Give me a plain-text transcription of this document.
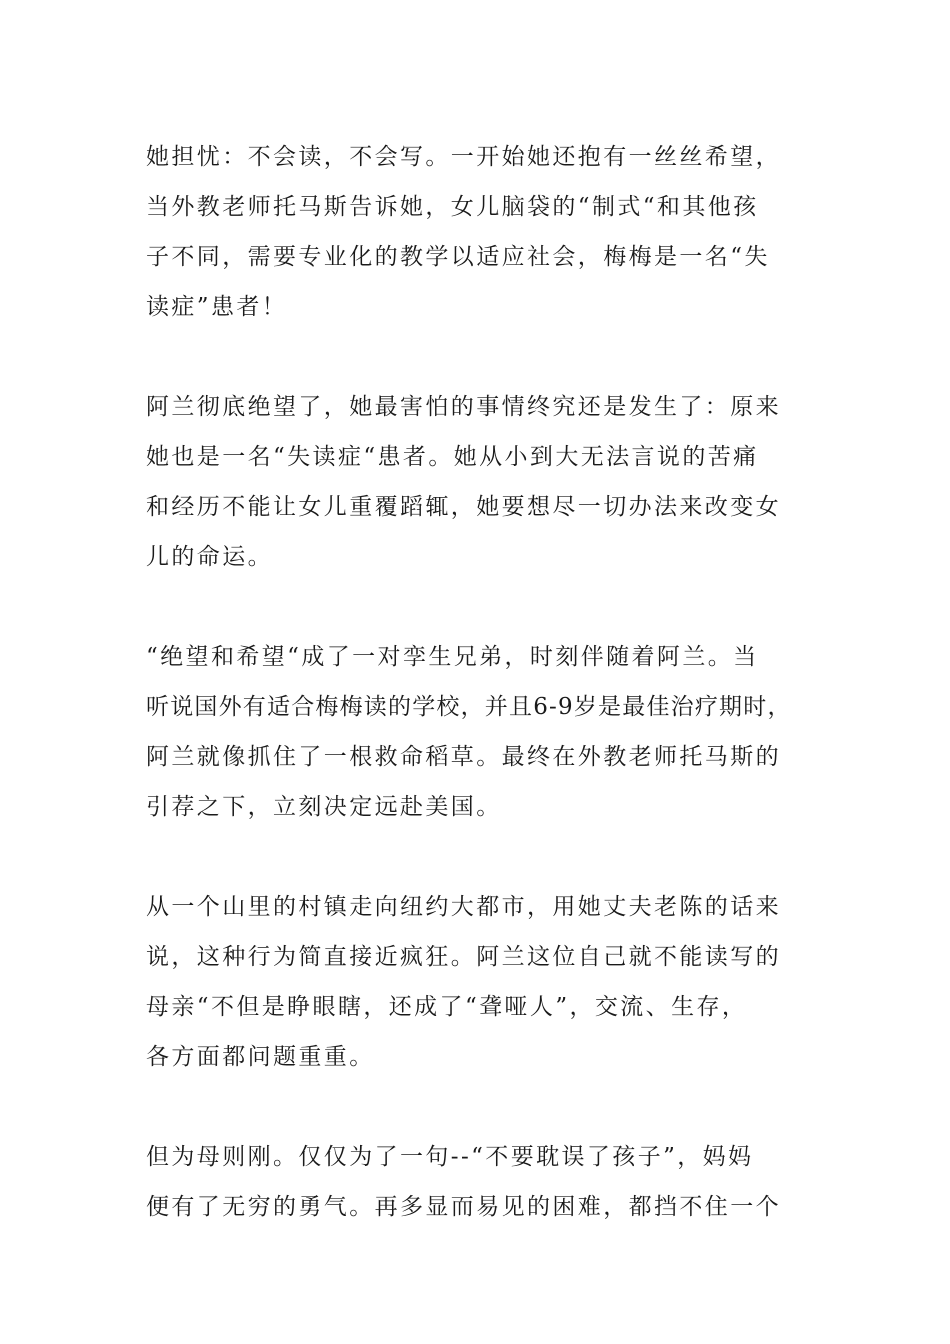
她担忧：不会读，不会写。一开始她还抱有一丝丝希望，
当外教老师托马斯告诉她，女儿脑袋的“制式“和其他孩
子不同，需要专业化的教学以适应社会，梅梅是一名“失
读症”患者！
阿兰彻底绝望了，她最害怕的事情终究还是发生了：原来
她也是一名“失读症“患者。她从小到大无法言说的苦痛
和经历不能让女儿重覆蹈辄，她要想尽一切办法来改变女
儿的命运。
“绝望和希望“成了一对孪生兄弟，时刻伴随着阿兰。当
听说国外有适合梅梅读的学校，并且6-9岁是最佳治疗期时，
阿兰就像抓住了一根救命稻草。最终在外教老师托马斯的
引荐之下，立刻决定远赴美国。
从一个山里的村镇走向纽约大都市，用她丈夫老陈的话来
说，这种行为简直接近疯狂。阿兰这位自己就不能读写的
母亲“不但是睁眼瞎，还成了“聋哑人”，交流、生存，
各方面都问题重重。
但为母则刚。仅仅为了一句--“不要耽误了孩子”，妈妈
便有了无穷的勇气。再多显而易见的困难，都挡不住一个
